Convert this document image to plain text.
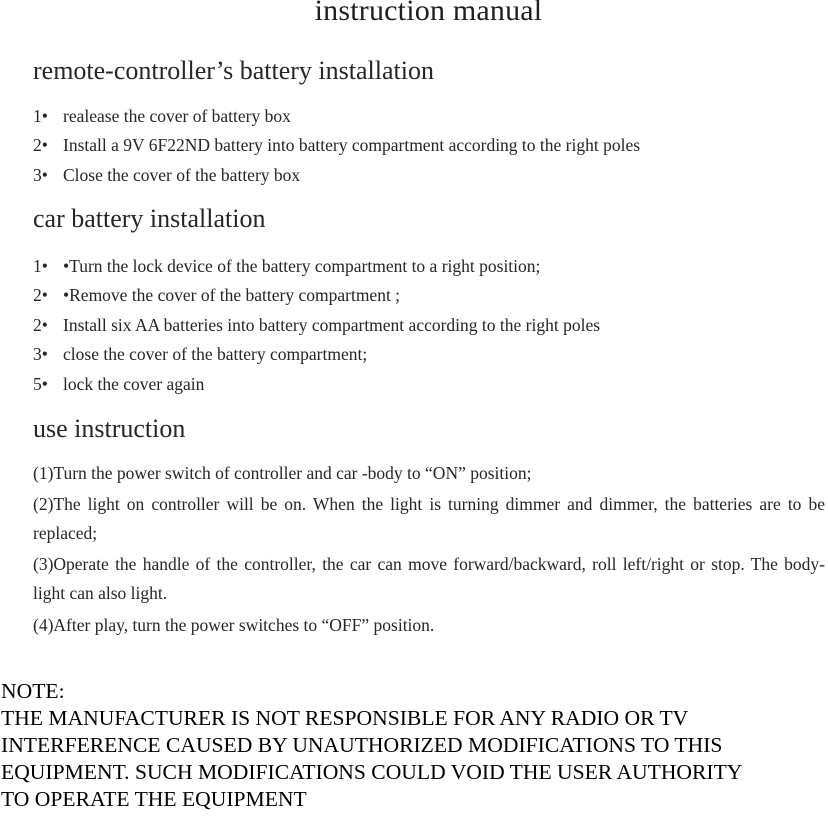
instruction manual
remote-controller’s battery installation
1• realease the cover of battery box
2• Install a 9V 6F22ND battery into battery compartment according to the right poles
3• Close the cover of the battery box
car battery installation
1• •Turn the lock device of the battery compartment to a right position;
2• •Remove the cover of the battery compartment ;
2• Install six AA batteries into battery compartment according to the right poles
3• close the cover of the battery compartment;
5• lock the cover again
use instruction
(1)Turn the power switch of controller and car -body to “ON” position;
(2)The light on controller will be on. When the light is turning dimmer and dimmer, the batteries are to be replaced;
(3)Operate the handle of the controller, the car can move forward/backward, roll left/right or stop. The body-light can also light.
(4)After play, turn the power switches to “OFF” position.
NOTE:
THE MANUFACTURER IS NOT RESPONSIBLE FOR ANY RADIO OR TV
INTERFERENCE CAUSED BY UNAUTHORIZED MODIFICATIONS TO THIS
EQUIPMENT. SUCH MODIFICATIONS COULD VOID THE USER AUTHORITY
TO OPERATE THE EQUIPMENT
